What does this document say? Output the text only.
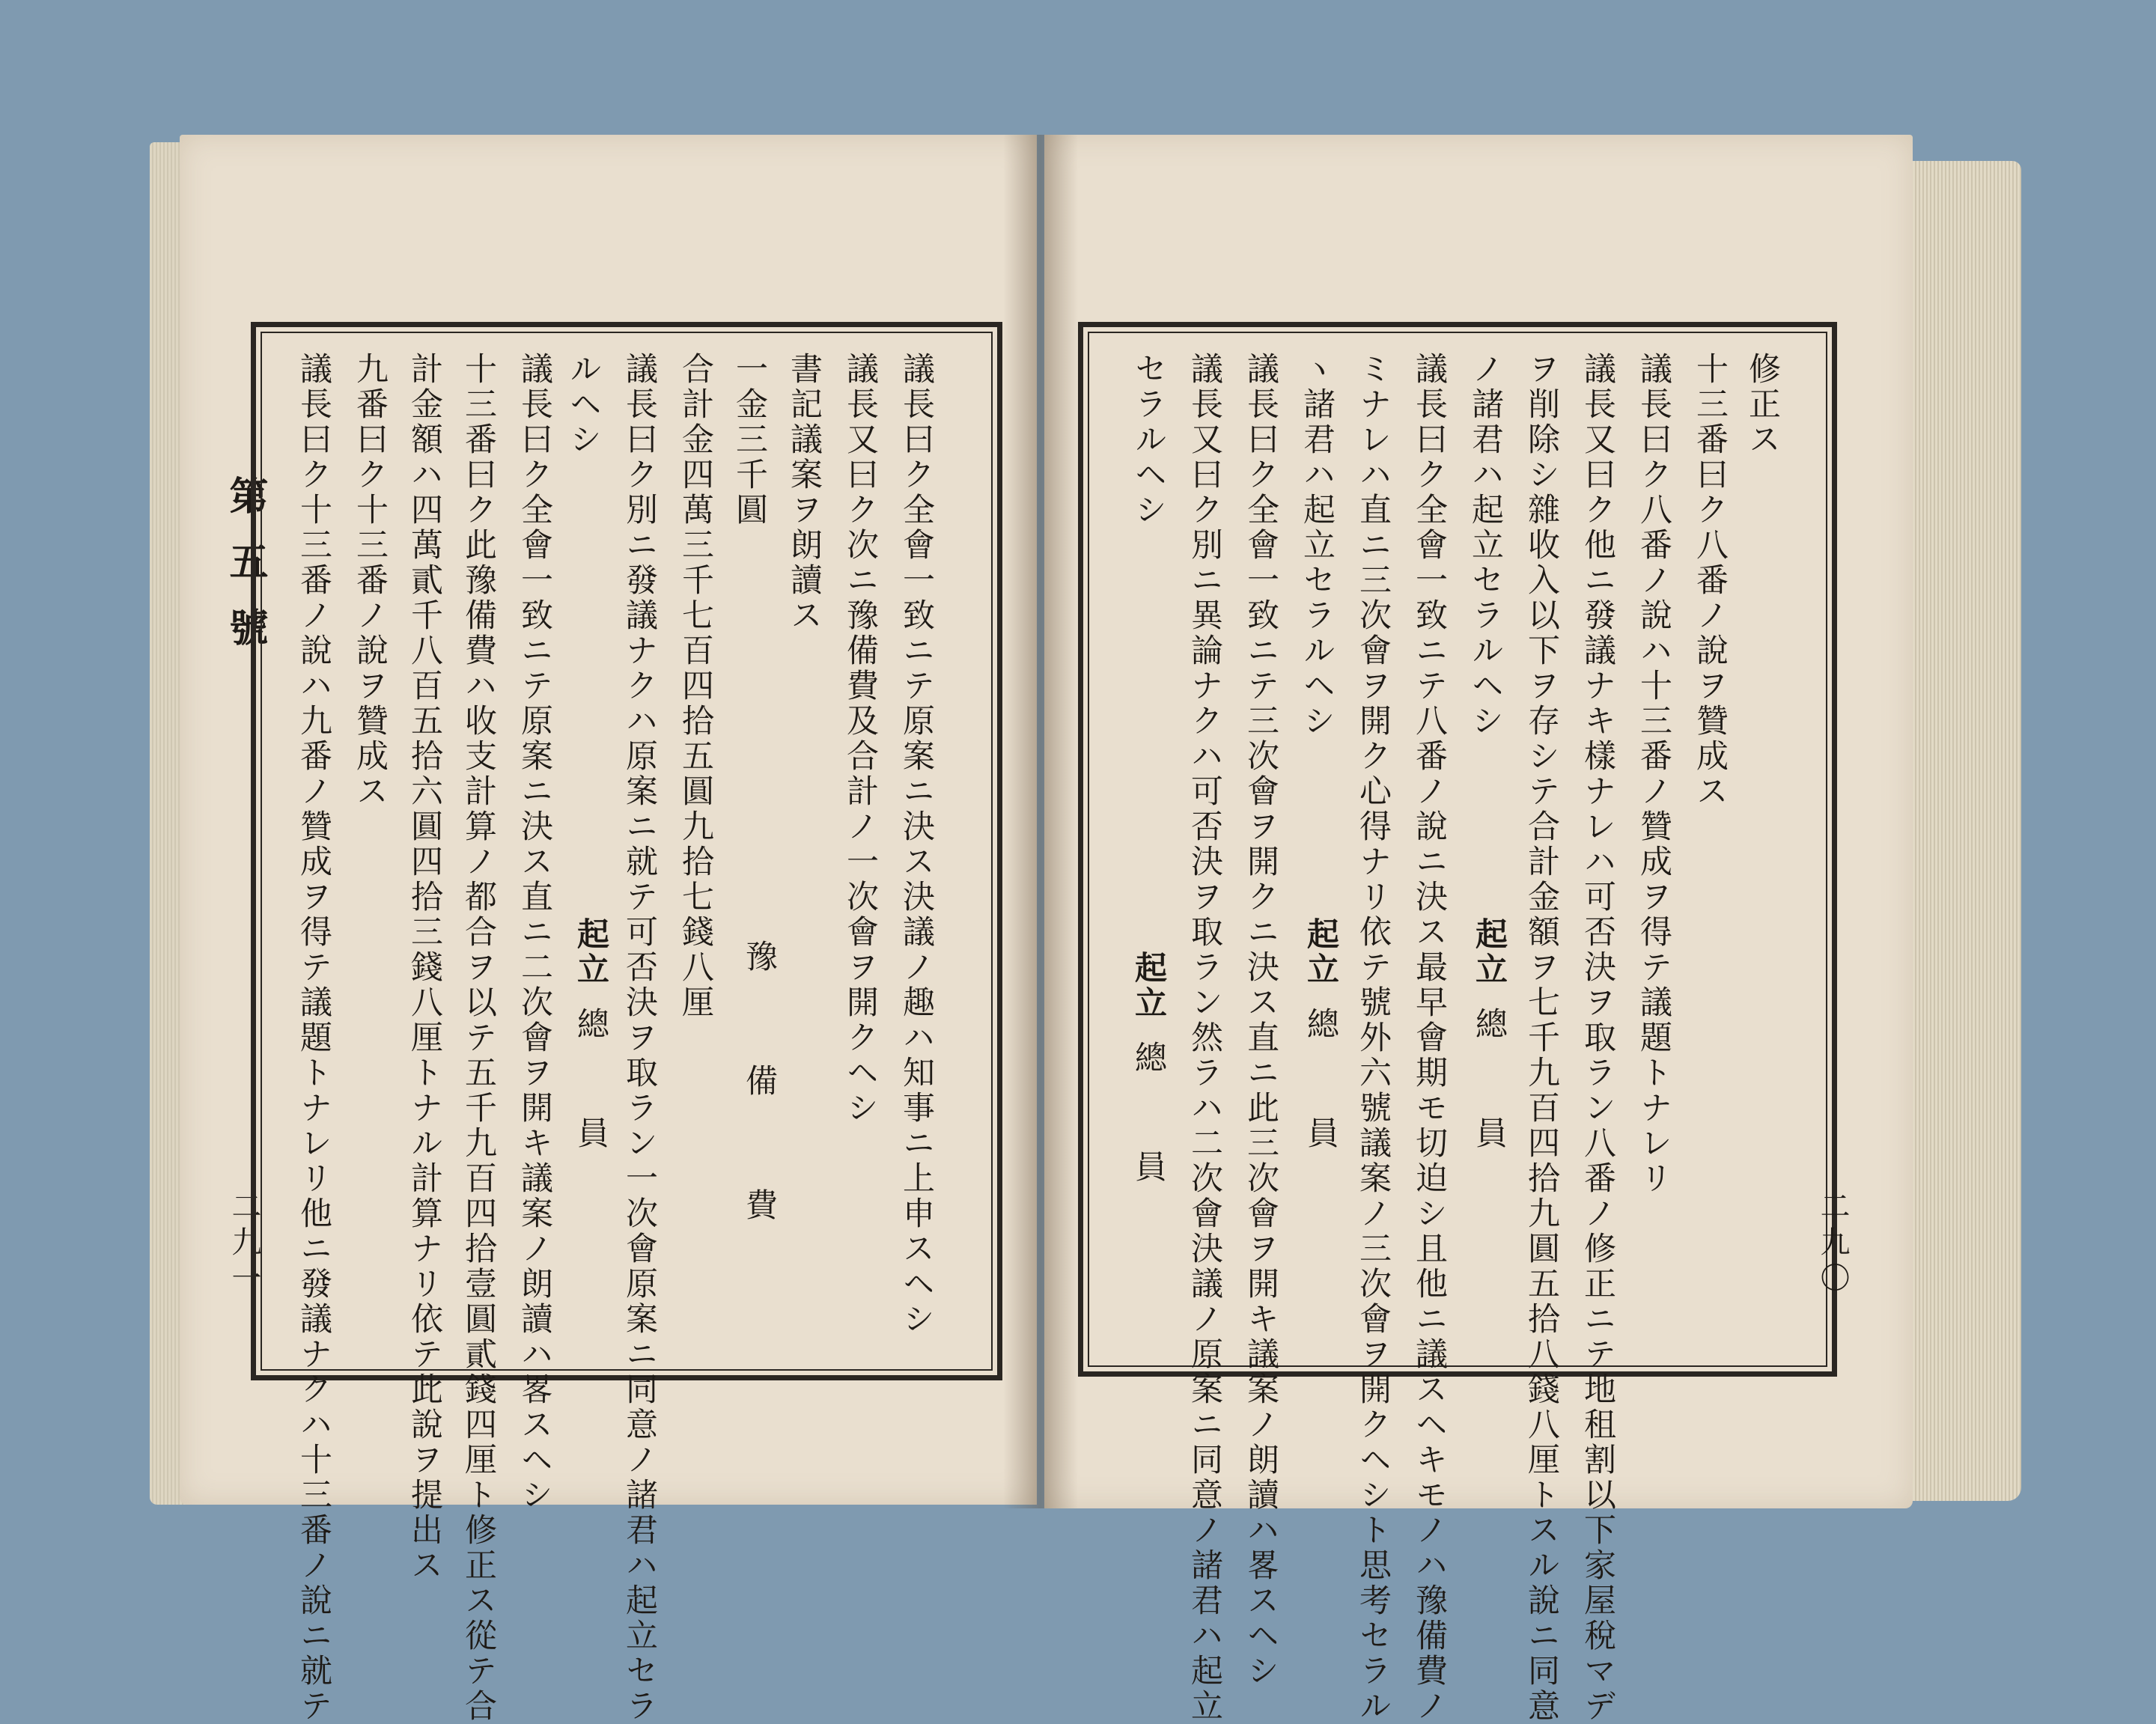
第五號
二九一	議長曰ク全會一致ニテ原案ニ決ス決議ノ趣ハ知事ニ上申スヘシ
議長又曰ク次ニ豫備費及合計ノ一次會ヲ開クヘシ
書記議案ヲ朗讀ス
一金三千圓
豫　備　費
合計金四萬三千七百四拾五圓九拾七錢八厘
議長曰ク別ニ發議ナクハ原案ニ就テ可否決ヲ取ラン一次會原案ニ同意ノ諸君ハ起立セラ
ルヘシ
起立
總　員
議長曰ク全會一致ニテ原案ニ決ス直ニ二次會ヲ開キ議案ノ朗讀ハ畧スヘシ
十三番曰ク此豫備費ハ收支計算ノ都合ヲ以テ五千九百四拾壹圓貳錢四厘ト修正ス從テ合
計金額ハ四萬貳千八百五拾六圓四拾三錢八厘トナル計算ナリ依テ此說ヲ提出ス
九番曰ク十三番ノ說ヲ贊成ス
議長曰ク十三番ノ說ハ九番ノ贊成ヲ得テ議題トナレリ他ニ發議ナクハ十三番ノ說ニ就テ	二九〇
修正ス
十三番曰ク八番ノ說ヲ贊成ス
議長曰ク八番ノ說ハ十三番ノ贊成ヲ得テ議題トナレリ
議長又曰ク他ニ發議ナキ樣ナレハ可否決ヲ取ラン八番ノ修正ニテ地租割以下家屋稅マデ
ヲ削除シ雜收入以下ヲ存シテ合計金額ヲ七千九百四拾九圓五拾八錢八厘トスル說ニ同意
ノ諸君ハ起立セラルヘシ
起立
總　員
議長曰ク全會一致ニテ八番ノ說ニ決ス最早會期モ切迫シ且他ニ議スヘキモノハ豫備費ノ
ミナレハ直ニ三次會ヲ開ク心得ナリ依テ號外六號議案ノ三次會ヲ開クヘシト思考セラル
ヽ諸君ハ起立セラルヘシ
起立
總　員
議長曰ク全會一致ニテ三次會ヲ開クニ決ス直ニ此三次會ヲ開キ議案ノ朗讀ハ畧スヘシ
議長又曰ク別ニ異論ナクハ可否決ヲ取ラン然ラハ二次會決議ノ原案ニ同意ノ諸君ハ起立
セラルヘシ
起立
總　員
